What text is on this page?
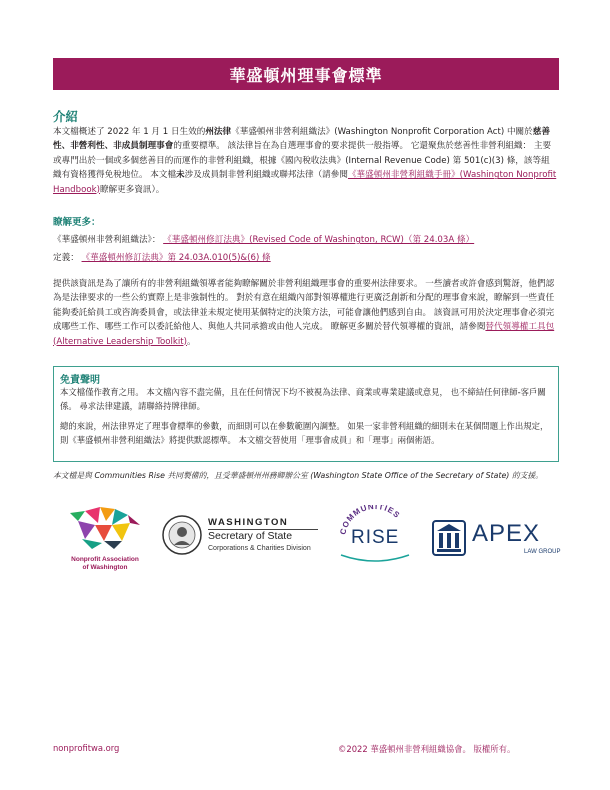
華盛頓州理事會標準
介紹
本文檔概述了 2022 年 1 月 1 日生效的州法律《華盛頓州非營利組織法》(Washington Nonprofit Corporation Act) 中關於慈善性、非營利性、非成員制理事會的重要標準。 該法律旨在為自選理事會的要求提供一般指導。 它還聚焦於慈善性非營利組織： 主要或專門出於一個或多個慈善目的而運作的非營利組織，根據《國內稅收法典》(Internal Revenue Code) 第 501(c)(3) 條，該等組織有資格獲得免稅地位。 本文檔未涉及成員制非營利組織或聯邦法律（請參閱《華盛頓州非營利組織手冊》(Washington Nonprofit Handbook)瞭解更多資訊）。
瞭解更多：
《華盛頓州非營利組織法》： 《華盛頓州修訂法典》(Revised Code of Washington, RCW)（第 24.03A 條）
定義： 《華盛頓州修訂法典》第 24.03A.010(5)&(6) 條
提供該資訊是為了讓所有的非營利組織領導者能夠瞭解關於非營利組織理事會的重要州法律要求。 一些讀者或許會感到驚訝，他們認為是法律要求的一些公約實際上是非強制性的。 對於有意在組織內部對領導權進行更廣泛創新和分配的理事會來說，瞭解到一些責任能夠委託給員工或咨詢委員會，或法律並未規定使用某個特定的決策方法，可能會讓他們感到自由。 該資訊可用於決定理事會必須完成哪些工作、哪些工作可以委託給他人、與他人共同承擔或由他人完成。 瞭解更多關於替代領導權的資訊，請參閱替代領導權工具包 (Alternative Leadership Toolkit)。
免責聲明
本文檔僅作教育之用。 本文檔內容不盡完備，且在任何情況下均不被視為法律、商業或專業建議或意見， 也不締結任何律師-客戶關係。 尋求法律建議，請聯絡持牌律師。
總的來說，州法律界定了理事會標準的參數，而細則可以在參數範圍內調整。 如果一家非營利組織的細則未在某個問題上作出規定，則《華盛頓州非營利組織法》將提供默認標準。 本文檔交替使用「理事會成員」和「理事」兩個術語。
本文檔是與 Communities Rise 共同製備的，且受華盛頓州州務卿辦公室 (Washington State Office of the Secretary of State) 的支援。
Nonprofit Association
of Washington
WASHINGTON
Secretary of State
Corporations & Charities Division
COMMUNITIES
RISE	APEX
LAW GROUP
nonprofitwa.org	©2022 華盛頓州非營利組織協會。 版權所有。
